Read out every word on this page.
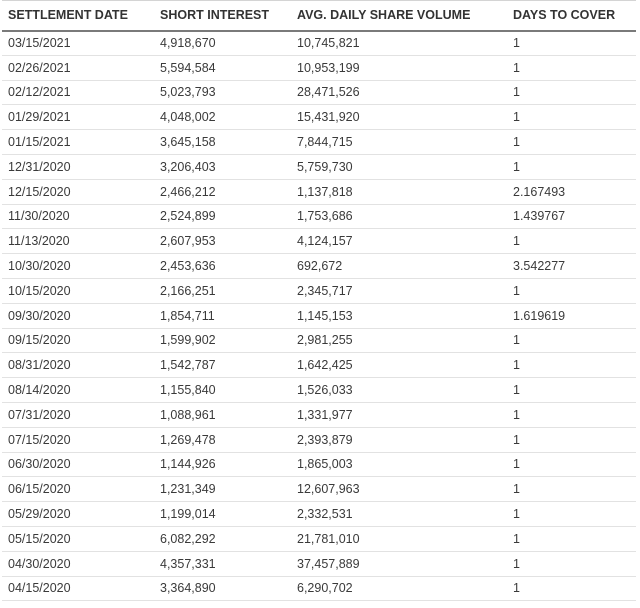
SETTLEMENT DATE	SHORT INTEREST	AVG. DAILY SHARE VOLUME	DAYS TO COVER
03/15/2021	4,918,670	10,745,821	1
02/26/2021	5,594,584	10,953,199	1
02/12/2021	5,023,793	28,471,526	1
01/29/2021	4,048,002	15,431,920	1
01/15/2021	3,645,158	7,844,715	1
12/31/2020	3,206,403	5,759,730	1
12/15/2020	2,466,212	1,137,818	2.167493
11/30/2020	2,524,899	1,753,686	1.439767
11/13/2020	2,607,953	4,124,157	1
10/30/2020	2,453,636	692,672	3.542277
10/15/2020	2,166,251	2,345,717	1
09/30/2020	1,854,711	1,145,153	1.619619
09/15/2020	1,599,902	2,981,255	1
08/31/2020	1,542,787	1,642,425	1
08/14/2020	1,155,840	1,526,033	1
07/31/2020	1,088,961	1,331,977	1
07/15/2020	1,269,478	2,393,879	1
06/30/2020	1,144,926	1,865,003	1
06/15/2020	1,231,349	12,607,963	1
05/29/2020	1,199,014	2,332,531	1
05/15/2020	6,082,292	21,781,010	1
04/30/2020	4,357,331	37,457,889	1
04/15/2020	3,364,890	6,290,702	1
